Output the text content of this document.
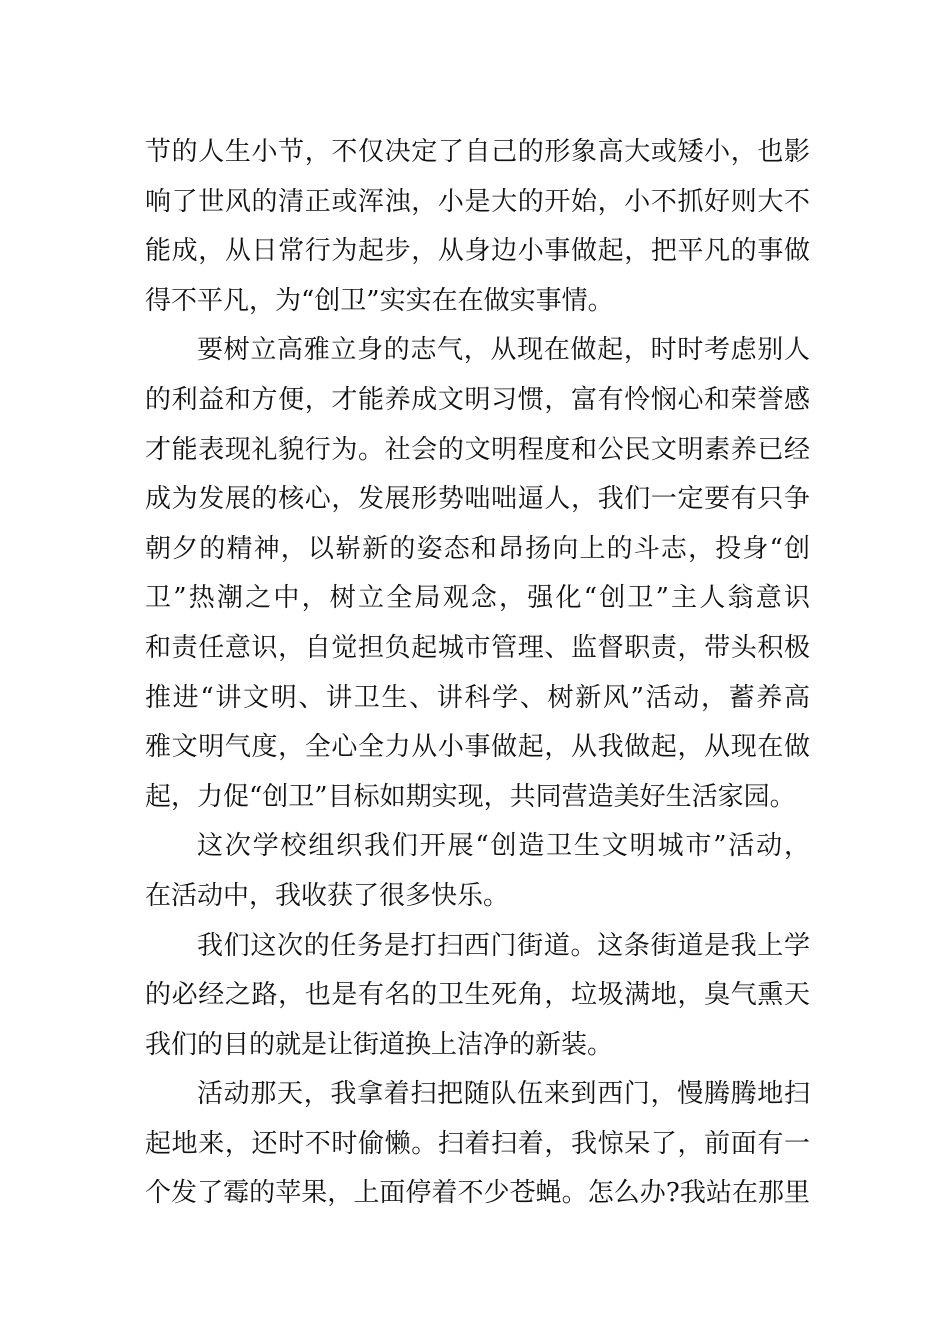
节的人生小节，不仅决定了自己的形象高大或矮小，也影
响了世风的清正或浑浊，小是大的开始，小不抓好则大不
能成，从日常行为起步，从身边小事做起，把平凡的事做
得不平凡，为“创卫”实实在在做实事情。
要树立高雅立身的志气，从现在做起，时时考虑别人
的利益和方便，才能养成文明习惯，富有怜悯心和荣誉感
才能表现礼貌行为。社会的文明程度和公民文明素养已经
成为发展的核心，发展形势咄咄逼人，我们一定要有只争
朝夕的精神，以崭新的姿态和昂扬向上的斗志，投身“创
卫”热潮之中，树立全局观念，强化“创卫”主人翁意识
和责任意识，自觉担负起城市管理、监督职责，带头积极
推进“讲文明、讲卫生、讲科学、树新风”活动，蓄养高
雅文明气度，全心全力从小事做起，从我做起，从现在做
起，力促“创卫”目标如期实现，共同营造美好生活家园。
这次学校组织我们开展“创造卫生文明城市”活动，
在活动中，我收获了很多快乐。
我们这次的任务是打扫西门街道。这条街道是我上学
的必经之路，也是有名的卫生死角，垃圾满地，臭气熏天
我们的目的就是让街道换上洁净的新装。
活动那天，我拿着扫把随队伍来到西门，慢腾腾地扫
起地来，还时不时偷懒。扫着扫着，我惊呆了，前面有一
个发了霉的苹果，上面停着不少苍蝇。怎么办?我站在那里
